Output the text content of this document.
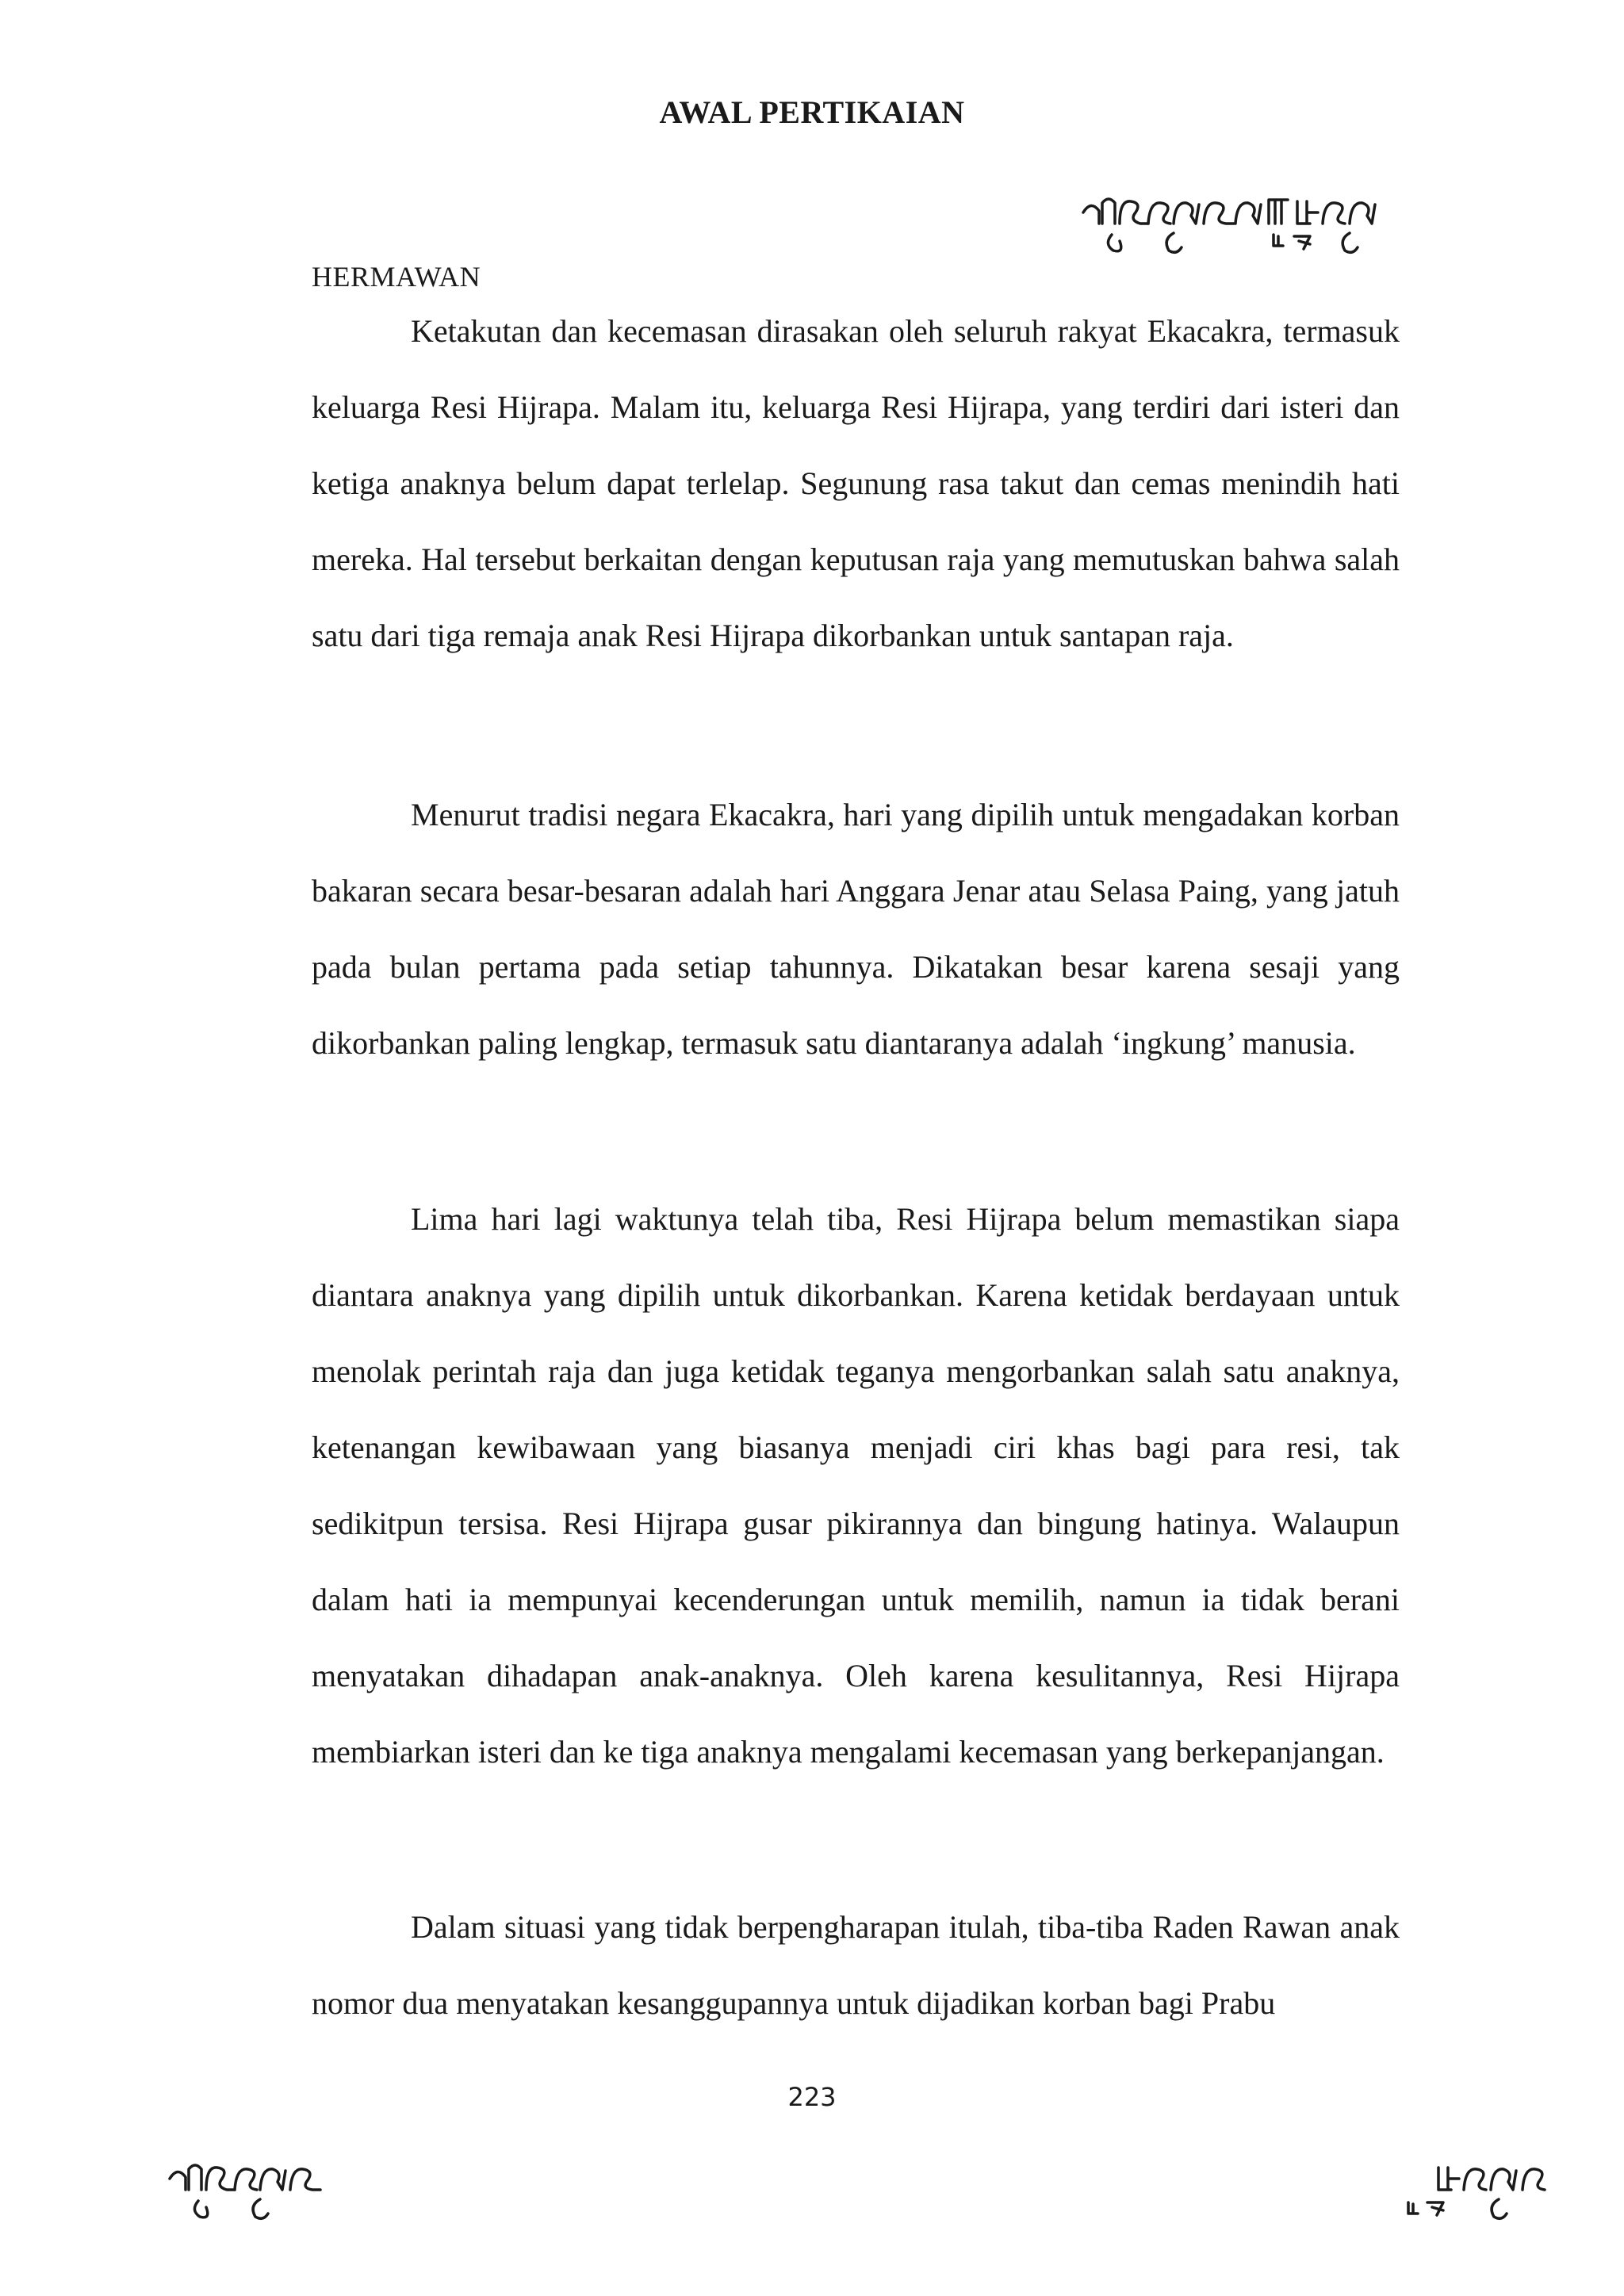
AWAL PERTIKAIAN
HERMAWAN

Ketakutan dan kecemasan dirasakan oleh seluruh rakyat Ekacakra, termasuk keluarga Resi Hijrapa. Malam itu, keluarga Resi Hijrapa, yang terdiri dari isteri dan ketiga anaknya belum dapat terlelap. Segunung rasa takut dan cemas menindih hati mereka. Hal tersebut berkaitan dengan keputusan raja yang memutuskan bahwa salah satu dari tiga remaja anak Resi Hijrapa dikorbankan untuk santapan raja.

Menurut tradisi negara Ekacakra, hari yang dipilih untuk mengadakan korban bakaran secara besar-besaran adalah hari Anggara Jenar atau Selasa Paing, yang jatuh pada bulan pertama pada setiap tahunnya. Dikatakan besar karena sesaji yang dikorbankan paling lengkap, termasuk satu diantaranya adalah ‘ingkung’ manusia.

Lima hari lagi waktunya telah tiba, Resi Hijrapa belum memastikan siapa diantara anaknya yang dipilih untuk dikorbankan. Karena ketidak berdayaan untuk menolak perintah raja dan juga ketidak teganya mengorbankan salah satu anaknya, ketenangan kewibawaan yang biasanya menjadi ciri khas bagi para resi, tak sedikitpun tersisa. Resi Hijrapa gusar pikirannya dan bingung hatinya. Walaupun dalam hati ia mempunyai kecenderungan untuk memilih, namun ia tidak berani menyatakan dihadapan anak-anaknya. Oleh karena kesulitannya, Resi Hijrapa membiarkan isteri dan ke tiga anaknya mengalami kecemasan yang berkepanjangan.

Dalam situasi yang tidak berpengharapan itulah, tiba-tiba Raden Rawan anak nomor dua menyatakan kesanggupannya untuk dijadikan korban bagi Prabu

223
